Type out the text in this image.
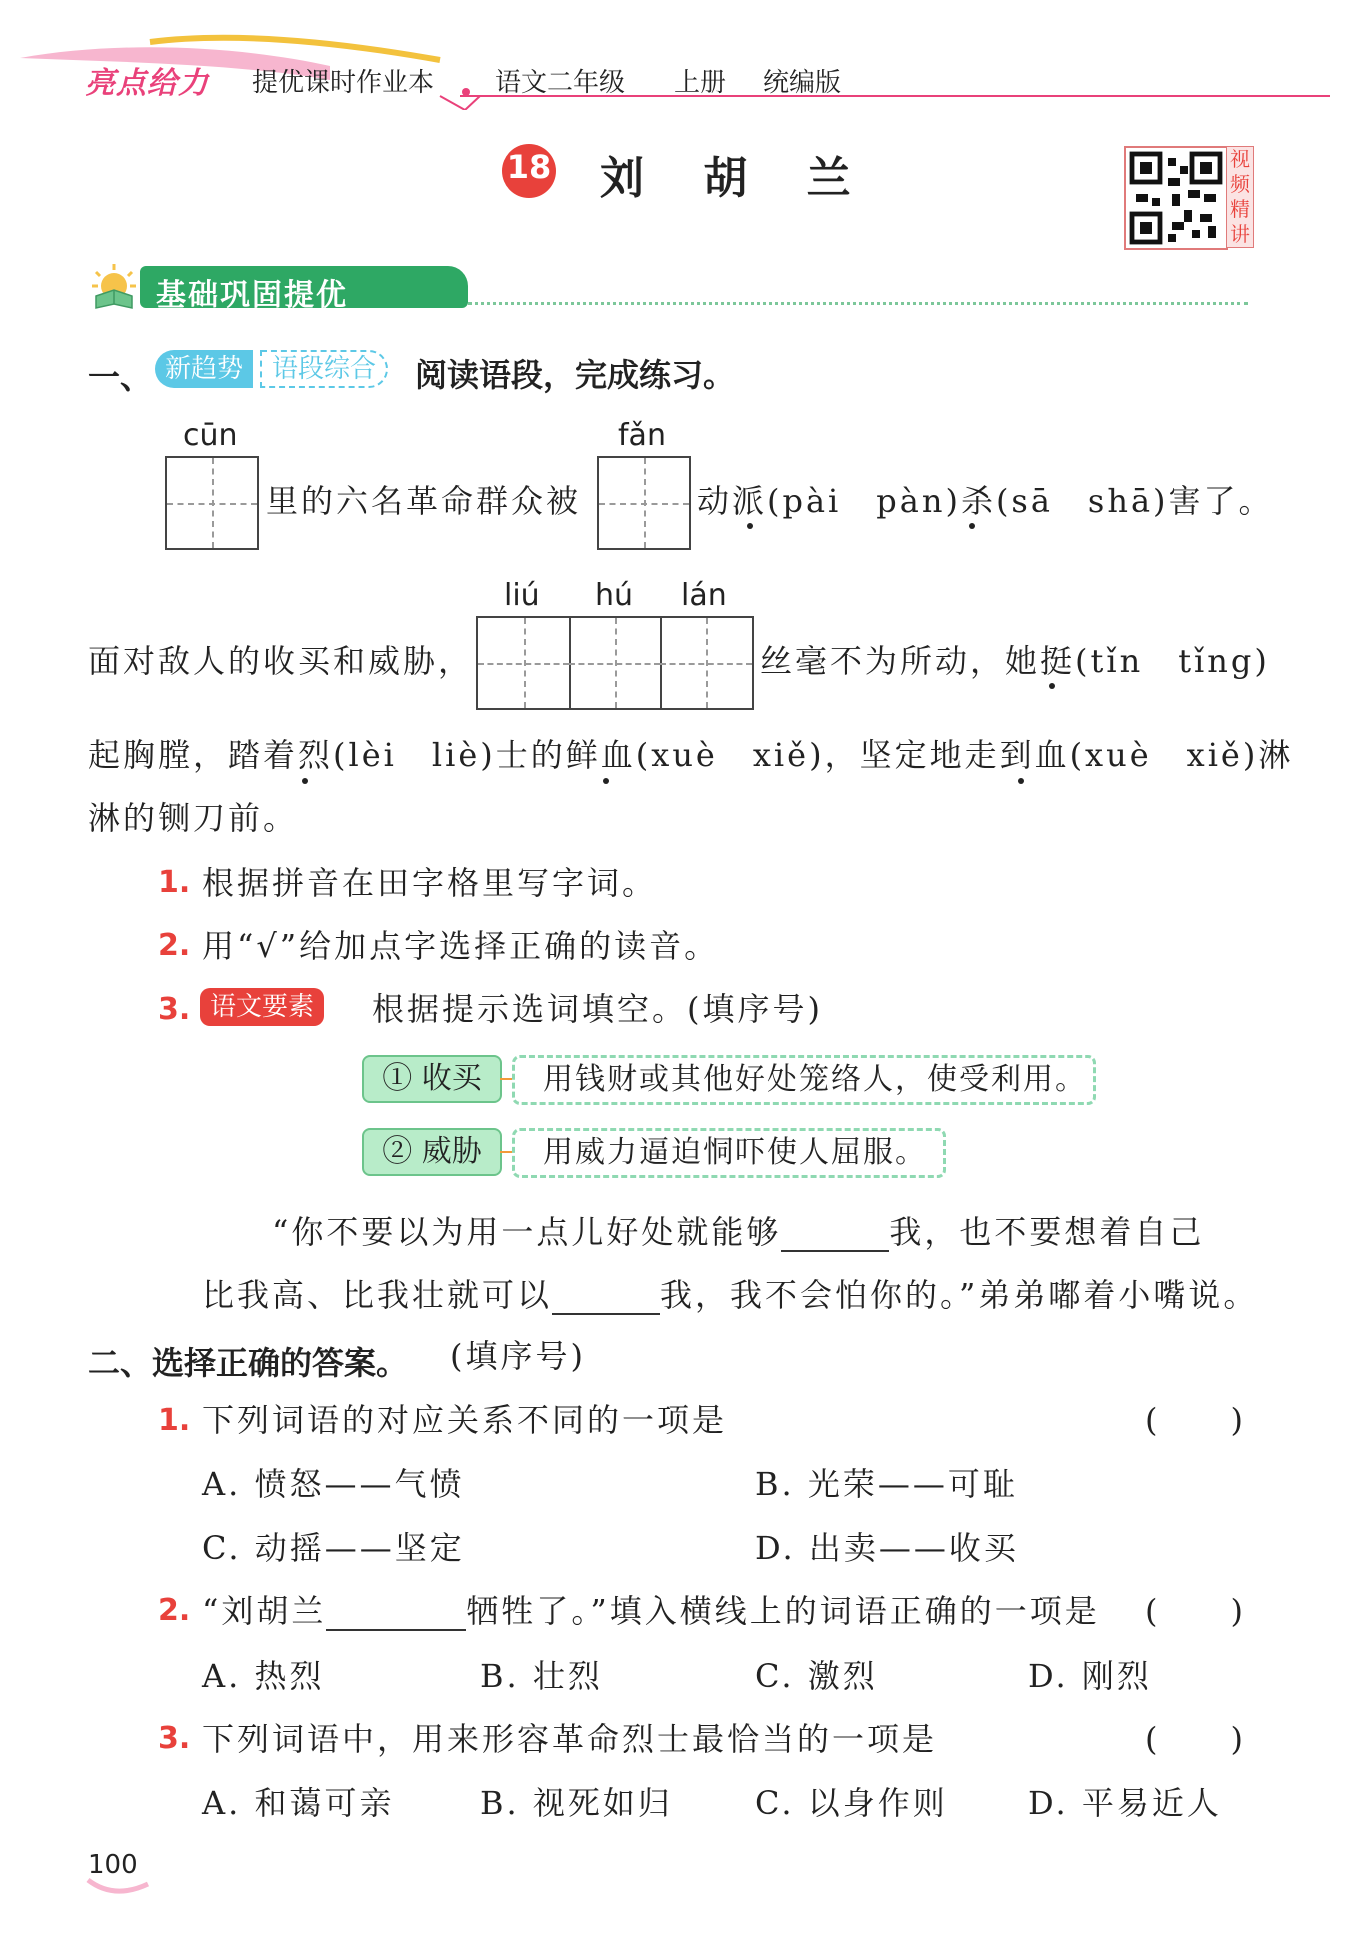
亮点给力 提优课时作业本 语文二年级 上册 统编版
18 刘 胡 兰	视频精讲
基础巩固提优
一、 新趋势	语段综合	阅读语段，完成练习。
cūn	fǎn
里的六名革命群众被	动派(pài　pàn)杀(sā　shā)害了。
liú hú lán
面对敌人的收买和威胁，	丝毫不为所动，她挺(tǐn　tǐng)
起胸膛，踏着烈(lèi　liè)士的鲜血(xuè　xiě)，坚定地走到血(xuè　xiě)淋
淋的铡刀前。
1. 根据拼音在田字格里写字词。
2. 用“√”给加点字选择正确的读音。
3. 语文要素	根据提示选词填空。(填序号)
① 收买	用钱财或其他好处笼络人，使受利用。
② 威胁	用威力逼迫恫吓使人屈服。
“你不要以为用一点儿好处就能够	我，也不要想着自己
比我高、比我壮就可以	我，我不会怕你的。”弟弟嘟着小嘴说。
二、选择正确的答案。 (填序号)
1. 下列词语的对应关系不同的一项是	(　　)
A. 愤怒——气愤	B. 光荣——可耻
C. 动摇——坚定	D. 出卖——收买
2. “刘胡兰	牺牲了。”填入横线上的词语正确的一项是 (　　)
A. 热烈	B. 壮烈	C. 激烈	D. 刚烈
3. 下列词语中，用来形容革命烈士最恰当的一项是	(　　)
A. 和蔼可亲	B. 视死如归	C. 以身作则	D. 平易近人
100
